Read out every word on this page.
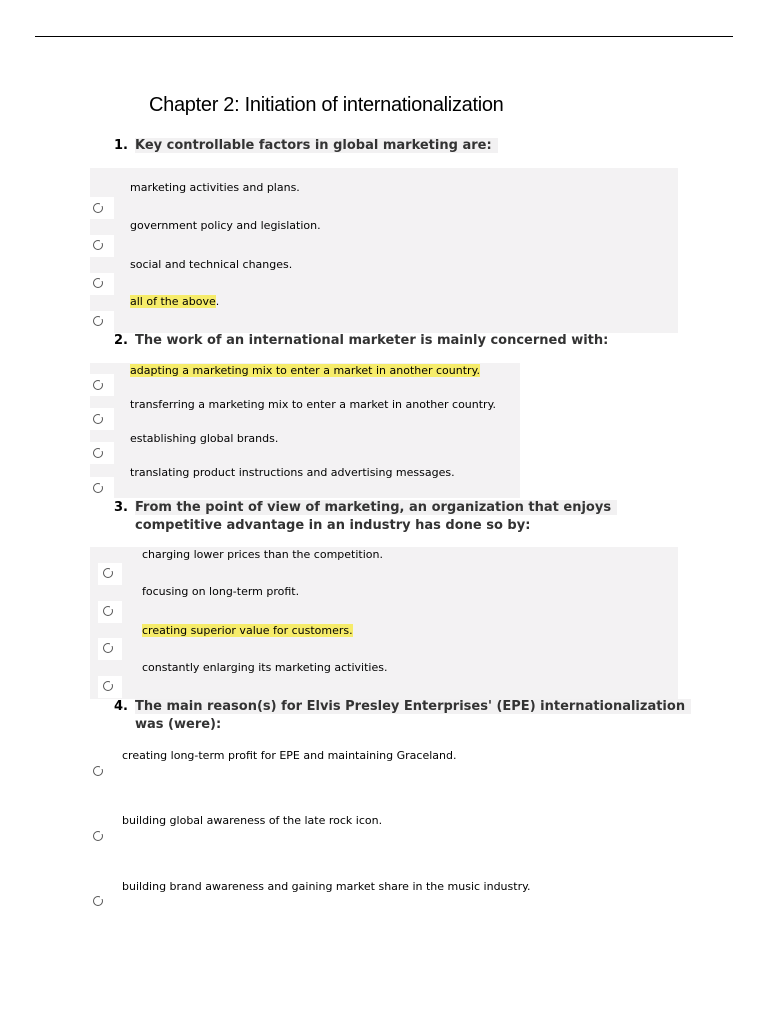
Chapter 2: Initiation of internationalization
1. Key controllable factors in global marketing are:
marketing activities and plans.
government policy and legislation.
social and technical changes.
all of the above.
2. The work of an international marketer is mainly concerned with:
adapting a marketing mix to enter a market in another country.
transferring a marketing mix to enter a market in another country.
establishing global brands.
translating product instructions and advertising messages.
3. From the point of view of marketing, an organization that enjoys
competitive advantage in an industry has done so by:
charging lower prices than the competition.
focusing on long-term profit.
creating superior value for customers.
constantly enlarging its marketing activities.
4. The main reason(s) for Elvis Presley Enterprises' (EPE) internationalization
was (were):
creating long-term profit for EPE and maintaining Graceland.
building global awareness of the late rock icon.
building brand awareness and gaining market share in the music industry.
